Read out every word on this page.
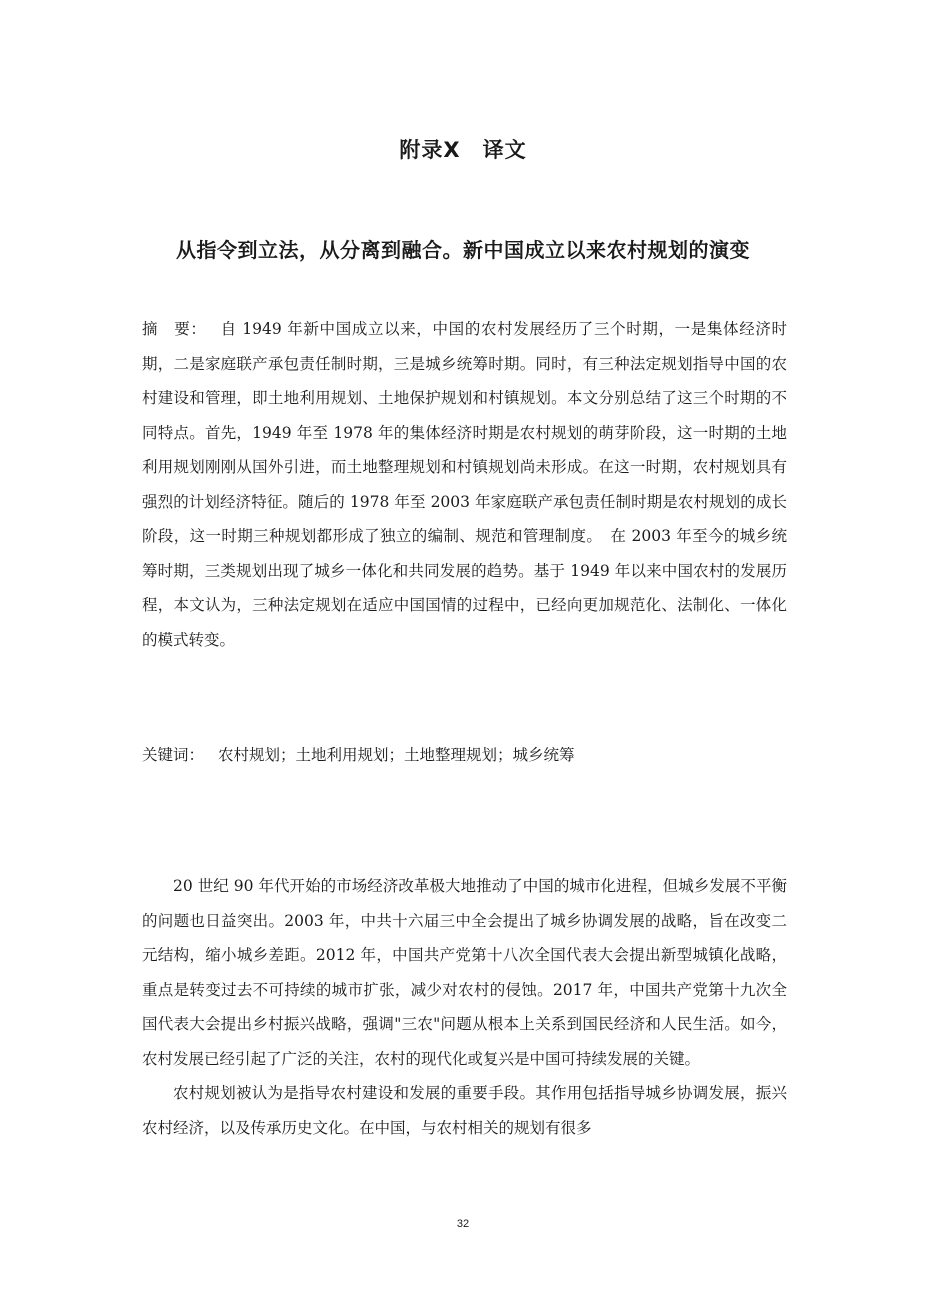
附录X　译文
从指令到立法，从分离到融合。新中国成立以来农村规划的演变
摘　要： 自 1949 年新中国成立以来，中国的农村发展经历了三个时期，一是集体经济时期，二是家庭联产承包责任制时期，三是城乡统筹时期。同时，有三种法定规划指导中国的农村建设和管理，即土地利用规划、土地保护规划和村镇规划。本文分别总结了这三个时期的不同特点。首先，1949 年至 1978 年的集体经济时期是农村规划的萌芽阶段，这一时期的土地利用规划刚刚从国外引进，而土地整理规划和村镇规划尚未形成。在这一时期，农村规划具有强烈的计划经济特征。随后的 1978 年至 2003 年家庭联产承包责任制时期是农村规划的成长阶段，这一时期三种规划都形成了独立的编制、规范和管理制度。　在 2003 年至今的城乡统筹时期，三类规划出现了城乡一体化和共同发展的趋势。基于 1949 年以来中国农村的发展历程，本文认为，三种法定规划在适应中国国情的过程中，已经向更加规范化、法制化、一体化的模式转变。
关键词： 农村规划；土地利用规划；土地整理规划；城乡统筹

20 世纪 90 年代开始的市场经济改革极大地推动了中国的城市化进程，但城乡发展不平衡的问题也日益突出。2003 年，中共十六届三中全会提出了城乡协调发展的战略，旨在改变二元结构，缩小城乡差距。2012 年，中国共产党第十八次全国代表大会提出新型城镇化战略，重点是转变过去不可持续的城市扩张，减少对农村的侵蚀。2017 年，中国共产党第十九次全国代表大会提出乡村振兴战略，强调"三农"问题从根本上关系到国民经济和人民生活。如今，农村发展已经引起了广泛的关注，农村的现代化或复兴是中国可持续发展的关键。

农村规划被认为是指导农村建设和发展的重要手段。其作用包括指导城乡协调发展，振兴农村经济，以及传承历史文化。在中国，与农村相关的规划有很多

32
